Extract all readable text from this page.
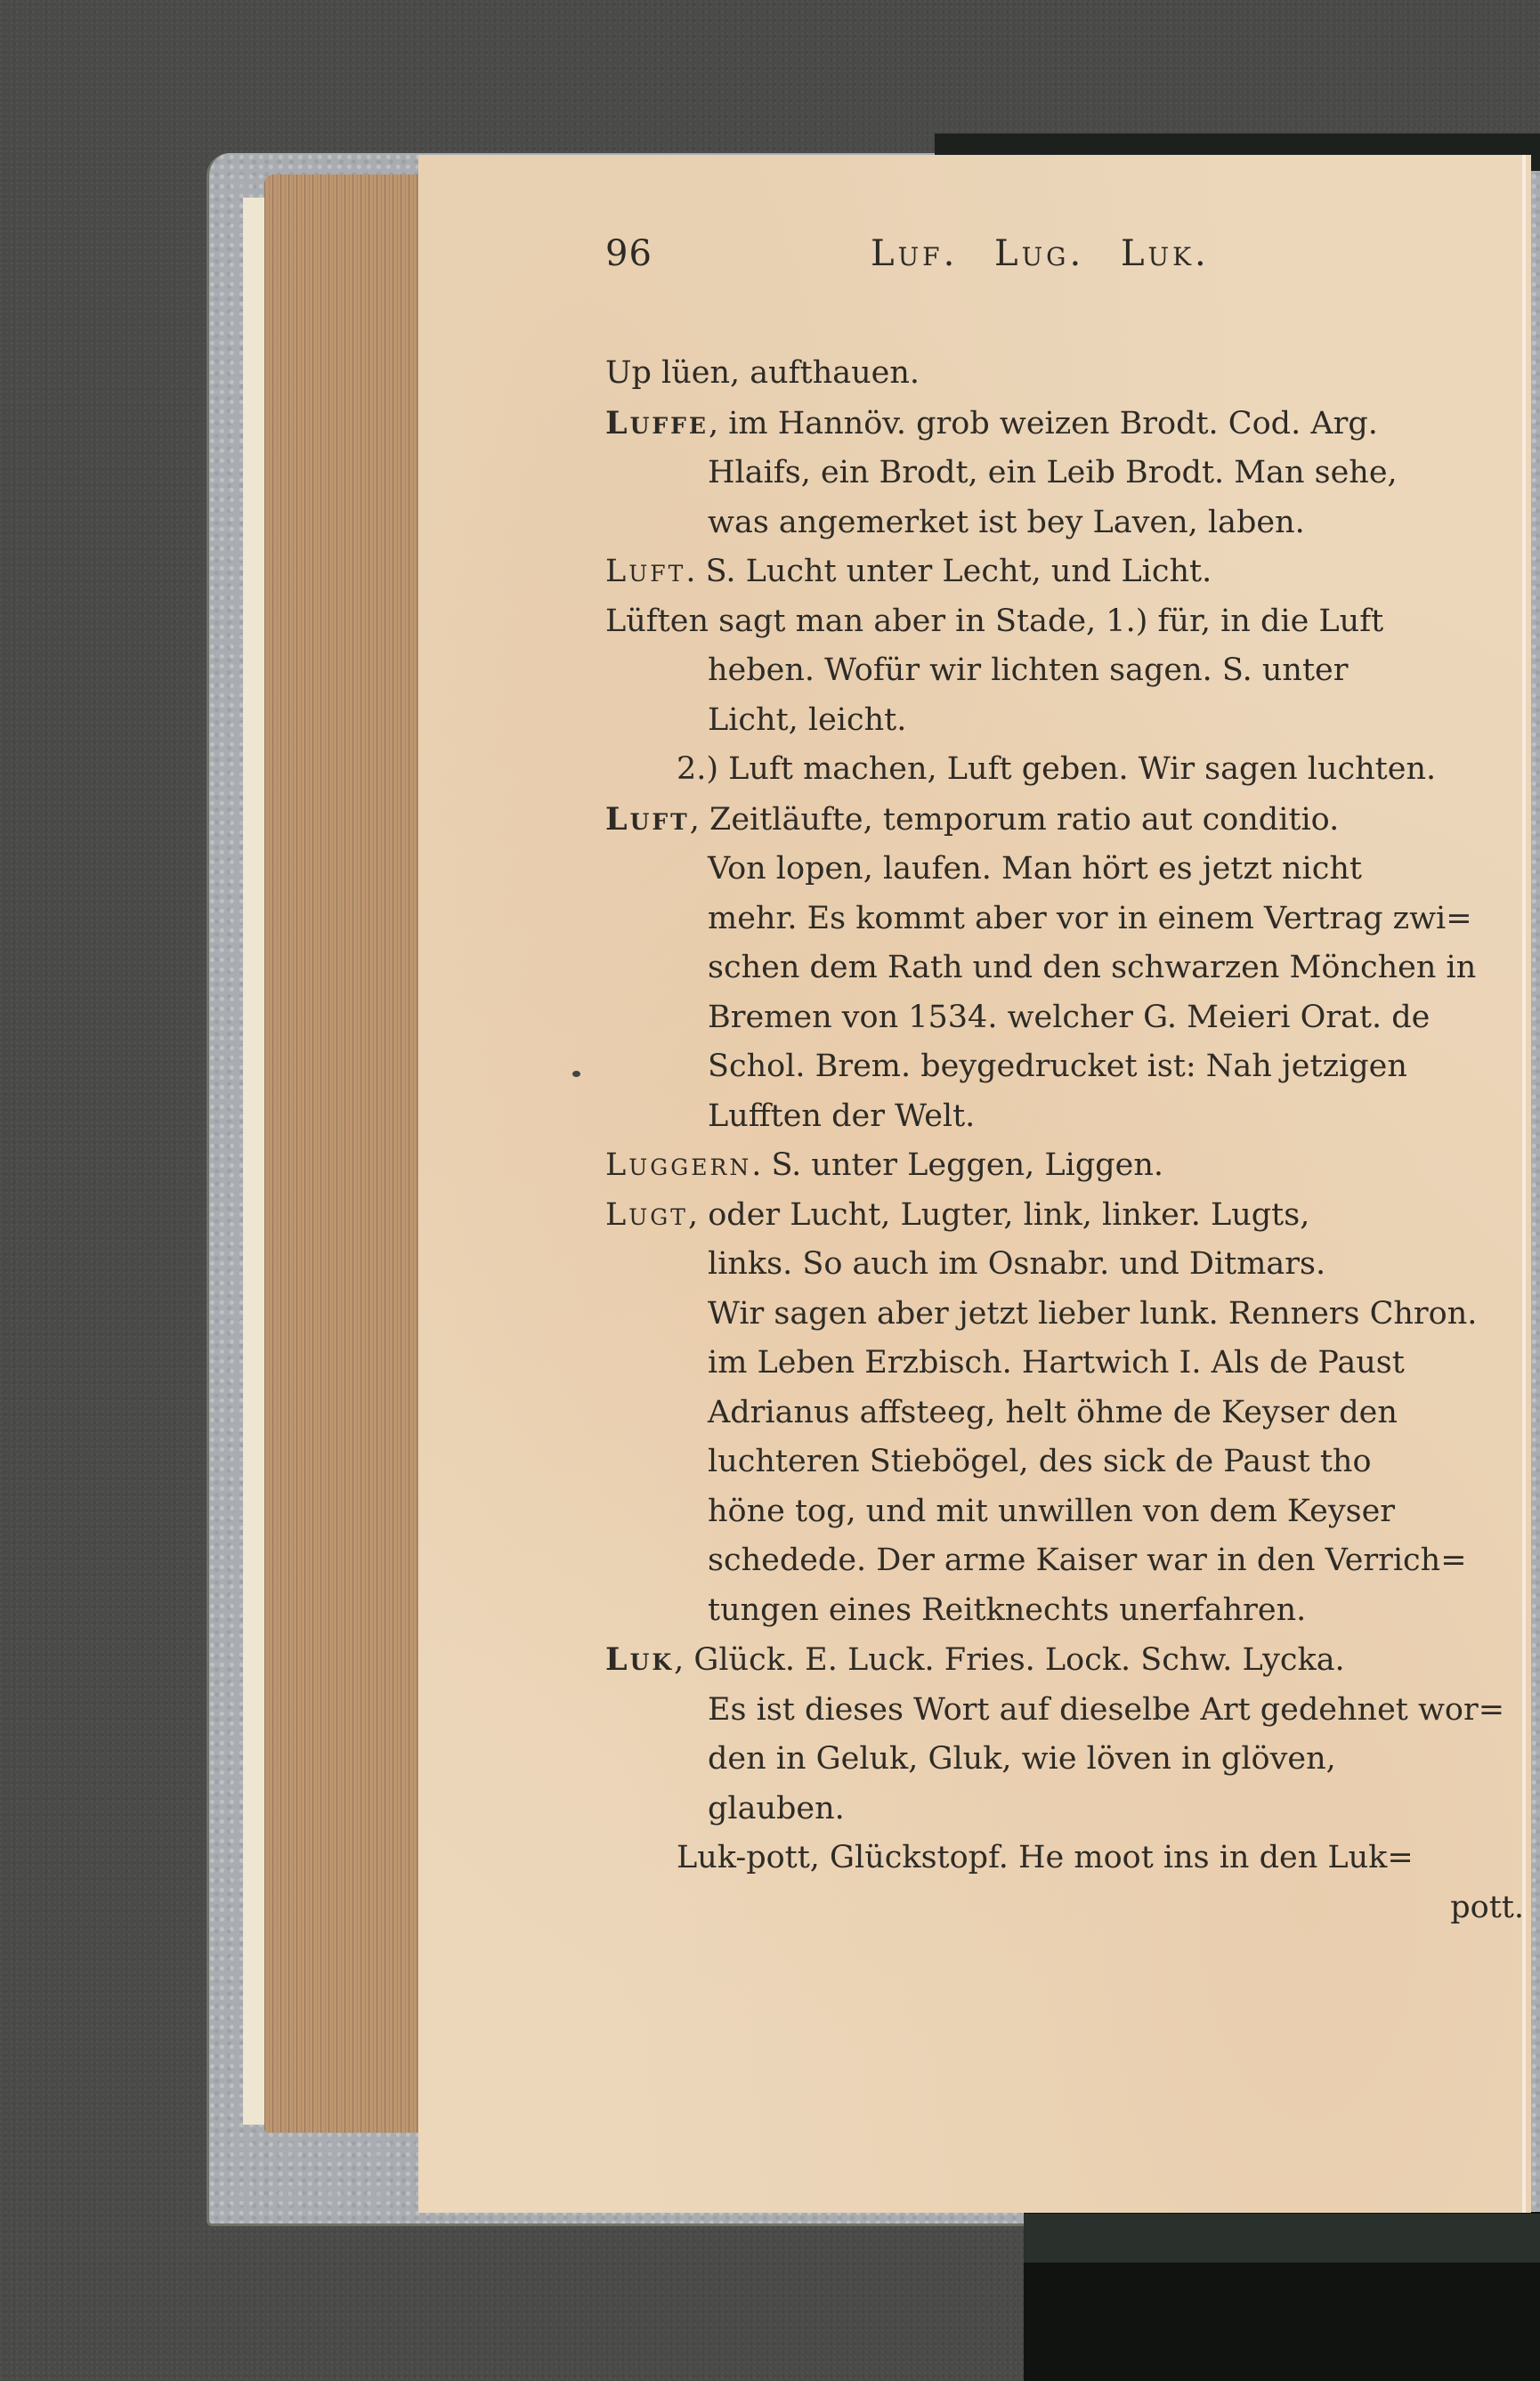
96	Luf. Lug. Luk.
Up lüen, aufthauen.
Luffe, im Hannöv. grob weizen Brodt. Cod. Arg.
Hlaifs, ein Brodt, ein Leib Brodt. Man sehe,
was angemerket ist bey Laven, laben.
Luft. S. Lucht unter Lecht, und Licht.
Lüften sagt man aber in Stade, 1.) für, in die Luft
heben. Wofür wir lichten sagen. S. unter
Licht, leicht.
2.) Luft machen, Luft geben. Wir sagen luchten.
Luft, Zeitläufte, temporum ratio aut conditio.
Von lopen, laufen. Man hört es jetzt nicht
mehr. Es kommt aber vor in einem Vertrag zwi=
schen dem Rath und den schwarzen Mönchen in
Bremen von 1534. welcher G. Meieri Orat. de
Schol. Brem. beygedrucket ist: Nah jetzigen
Lufften der Welt.
Luggern. S. unter Leggen, Liggen.
Lugt, oder Lucht, Lugter, link, linker. Lugts,
links. So auch im Osnabr. und Ditmars.
Wir sagen aber jetzt lieber lunk. Renners Chron.
im Leben Erzbisch. Hartwich I. Als de Paust
Adrianus affsteeg, helt öhme de Keyser den
luchteren Stiebögel, des sick de Paust tho
höne tog, und mit unwillen von dem Keyser
schedede. Der arme Kaiser war in den Verrich=
tungen eines Reitknechts unerfahren.
Luk, Glück. E. Luck. Fries. Lock. Schw. Lycka.
Es ist dieses Wort auf dieselbe Art gedehnet wor=
den in Geluk, Gluk, wie löven in glöven,
glauben.
Luk-pott, Glückstopf. He moot ins in den Luk=
pott.
